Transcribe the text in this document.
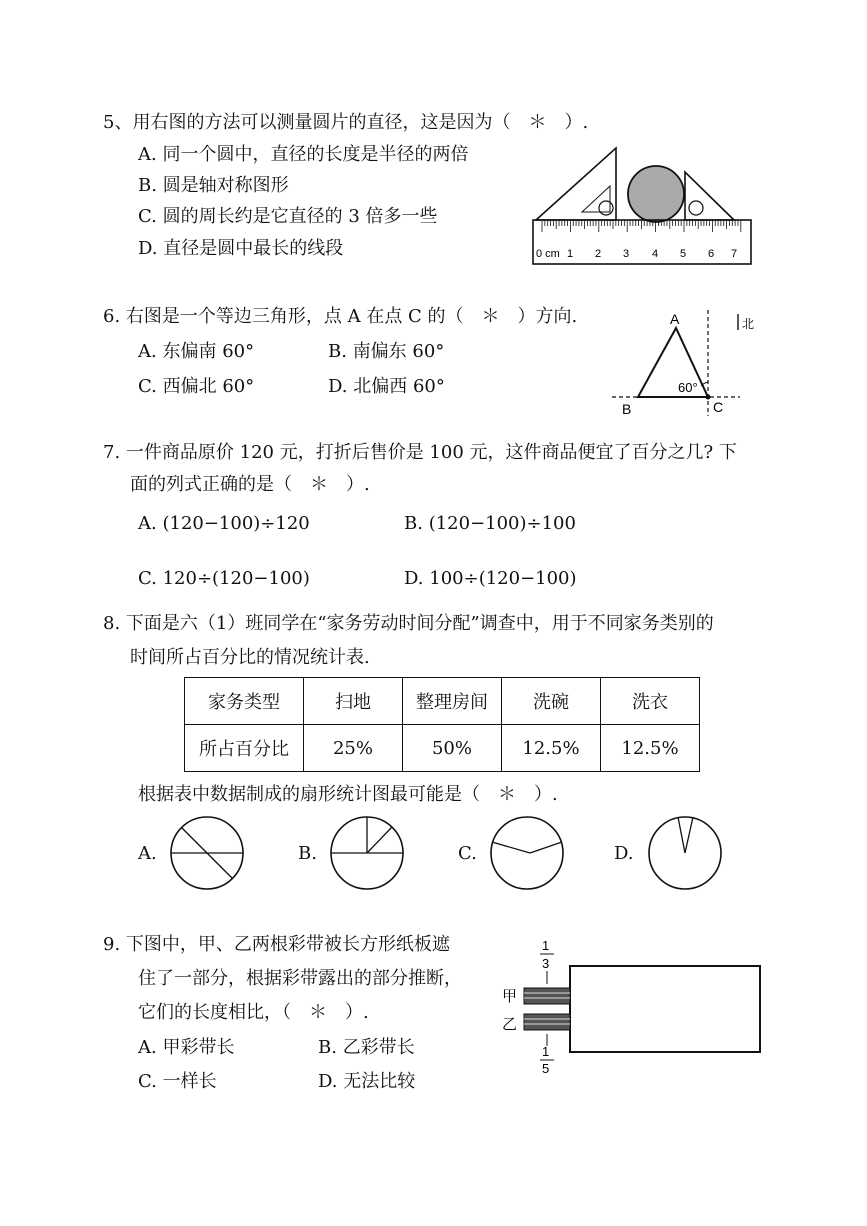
5、用右图的方法可以测量圆片的直径，这是因为（　＊　）.
A. 同一个圆中，直径的长度是半径的两倍
B. 圆是轴对称图形
C. 圆的周长约是它直径的 3 倍多一些
D. 直径是圆中最长的线段	0 cm 1 2 3 4 5 6 7
6. 右图是一个等边三角形，点 A 在点 C 的（　＊　）方向.
A. 东偏南 60°	B. 南偏东 60°
C. 西偏北 60°	D. 北偏西 60°
A
B	C
60°
北
7. 一件商品原价 120 元，打折后售价是 100 元，这件商品便宜了百分之几? 下
面的列式正确的是（　＊　）.
A. (120−100)÷120	B. (120−100)÷100
C. 120÷(120−100)	D. 100÷(120−100)
8. 下面是六（1）班同学在“家务劳动时间分配”调查中，用于不同家务类别的
时间所占百分比的情况统计表.
家务类型	扫地	整理房间	洗碗	洗衣
所占百分比	25%	50%	12.5%	12.5%
根据表中数据制成的扇形统计图最可能是（　＊　）.
A.	B.	C.	D.
9. 下图中，甲、乙两根彩带被长方形纸板遮
住了一部分，根据彩带露出的部分推断，
它们的长度相比，（　＊　）.
A. 甲彩带长	B. 乙彩带长
C. 一样长	D. 无法比较
1
3
甲
乙
1
5
